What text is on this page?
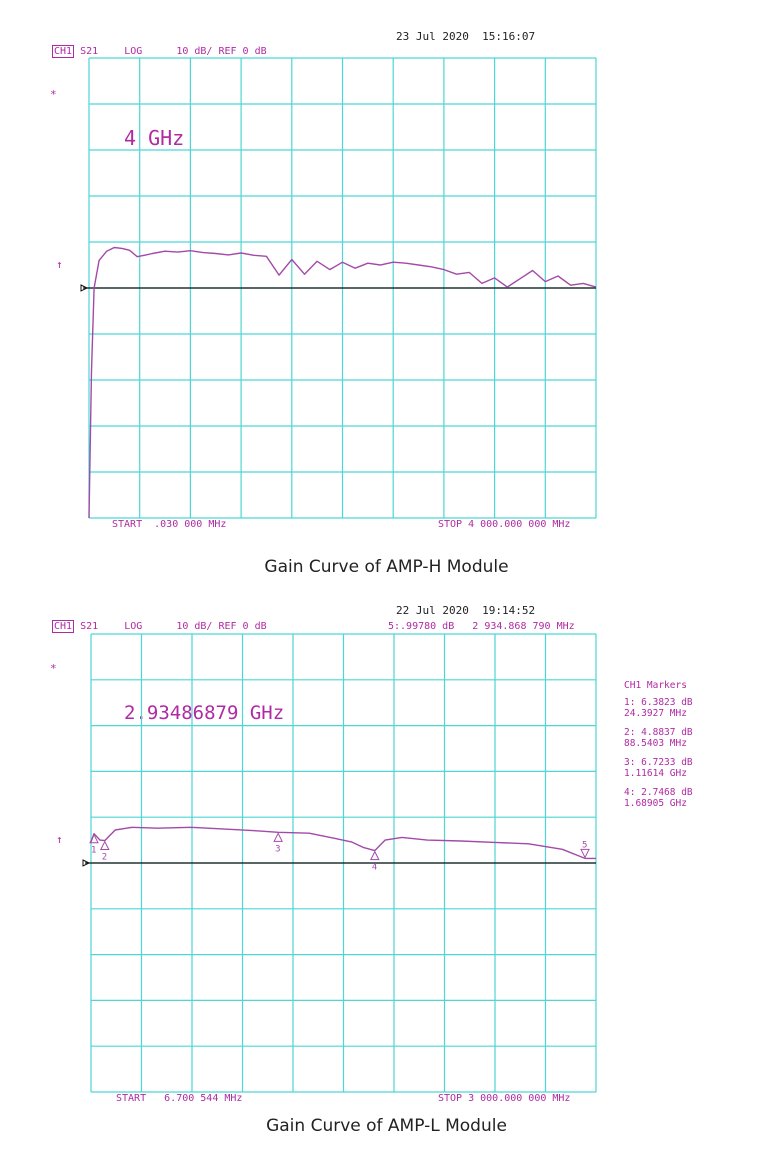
23 Jul 2020  15:16:07
CH1 S21	LOG	10 dB/ REF 0 dB
*
↑
4 GHz
START  .030 000 MHz	STOP 4 000.000 000 MHz
Gain Curve of AMP-H Module
22 Jul 2020  19:14:52
CH1 S21	LOG	10 dB/ REF 0 dB	5:.99780 dB   2 934.868 790 MHz
*
↑
2.93486879 GHz
START   6.700 544 MHz	STOP 3 000.000 000 MHz
Gain Curve of AMP-L Module
1
2
3
4
5
CH1 Markers
1: 6.3823 dB
24.3927 MHz
2: 4.8837 dB
88.5403 MHz
3: 6.7233 dB
1.11614 GHz
4: 2.7468 dB
1.68905 GHz
